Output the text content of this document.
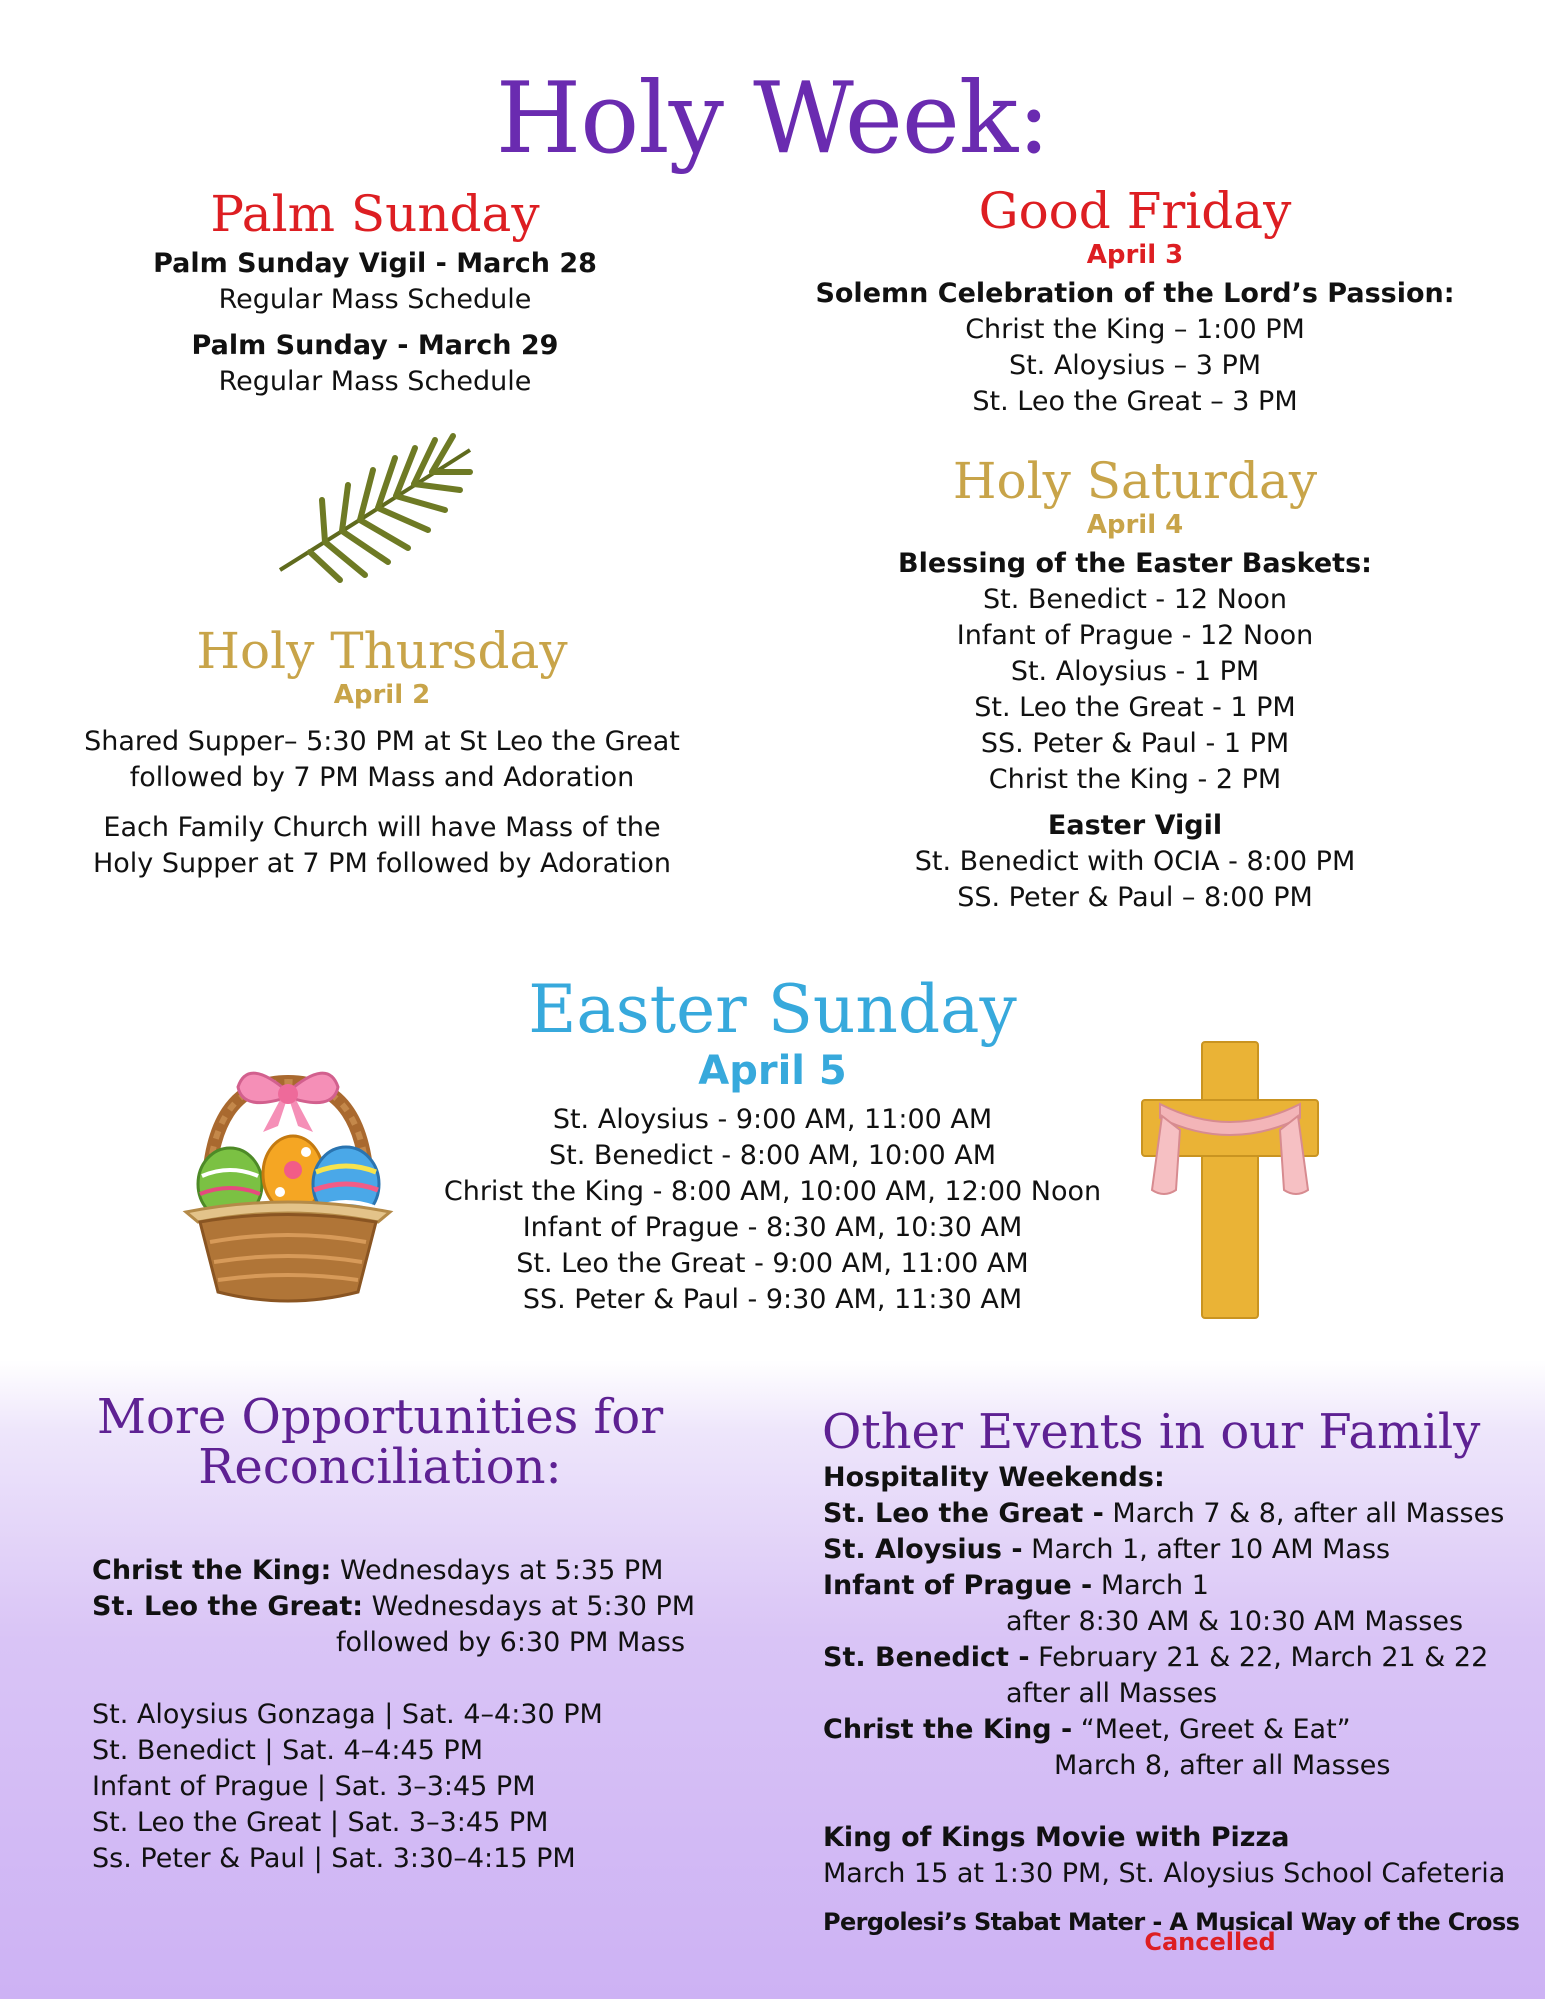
Holy Week:
Palm Sunday
Palm Sunday Vigil - March 28
Regular Mass Schedule
Palm Sunday - March 29
Regular Mass Schedule
Holy Thursday
April 2
Shared Supper– 5:30 PM at St Leo the Great
followed by 7 PM Mass and Adoration
Each Family Church will have Mass of the
Holy Supper at 7 PM followed by Adoration
Good Friday
April 3
Solemn Celebration of the Lord’s Passion:
Christ the King – 1:00 PM
St. Aloysius – 3 PM
St. Leo the Great – 3 PM
Holy Saturday
April 4
Blessing of the Easter Baskets:
St. Benedict - 12 Noon
Infant of Prague - 12 Noon
St. Aloysius - 1 PM
St. Leo the Great - 1 PM
SS. Peter & Paul - 1 PM
Christ the King - 2 PM
Easter Vigil
St. Benedict with OCIA - 8:00 PM
SS. Peter & Paul – 8:00 PM
Easter Sunday
April 5
St. Aloysius - 9:00 AM, 11:00 AM
St. Benedict - 8:00 AM, 10:00 AM
Christ the King - 8:00 AM, 10:00 AM, 12:00 Noon
Infant of Prague - 8:30 AM, 10:30 AM
St. Leo the Great - 9:00 AM, 11:00 AM
SS. Peter & Paul - 9:30 AM, 11:30 AM
More Opportunities for
Reconciliation:
Christ the King: Wednesdays at 5:35 PM
St. Leo the Great: Wednesdays at 5:30 PM
followed by 6:30 PM Mass
St. Aloysius Gonzaga | Sat. 4–4:30 PM
St. Benedict | Sat. 4–4:45 PM
Infant of Prague | Sat. 3–3:45 PM
St. Leo the Great | Sat. 3–3:45 PM
Ss. Peter & Paul | Sat. 3:30–4:15 PM
Other Events in our Family
Hospitality Weekends:
St. Leo the Great - March 7 & 8, after all Masses
St. Aloysius - March 1, after 10 AM Mass
Infant of Prague - March 1
after 8:30 AM & 10:30 AM Masses
St. Benedict - February 21 & 22, March 21 & 22
after all Masses
Christ the King - “Meet, Greet & Eat”
March 8, after all Masses
King of Kings Movie with Pizza
March 15 at 1:30 PM, St. Aloysius School Cafeteria
Pergolesi’s Stabat Mater - A Musical Way of the Cross
Cancelled
